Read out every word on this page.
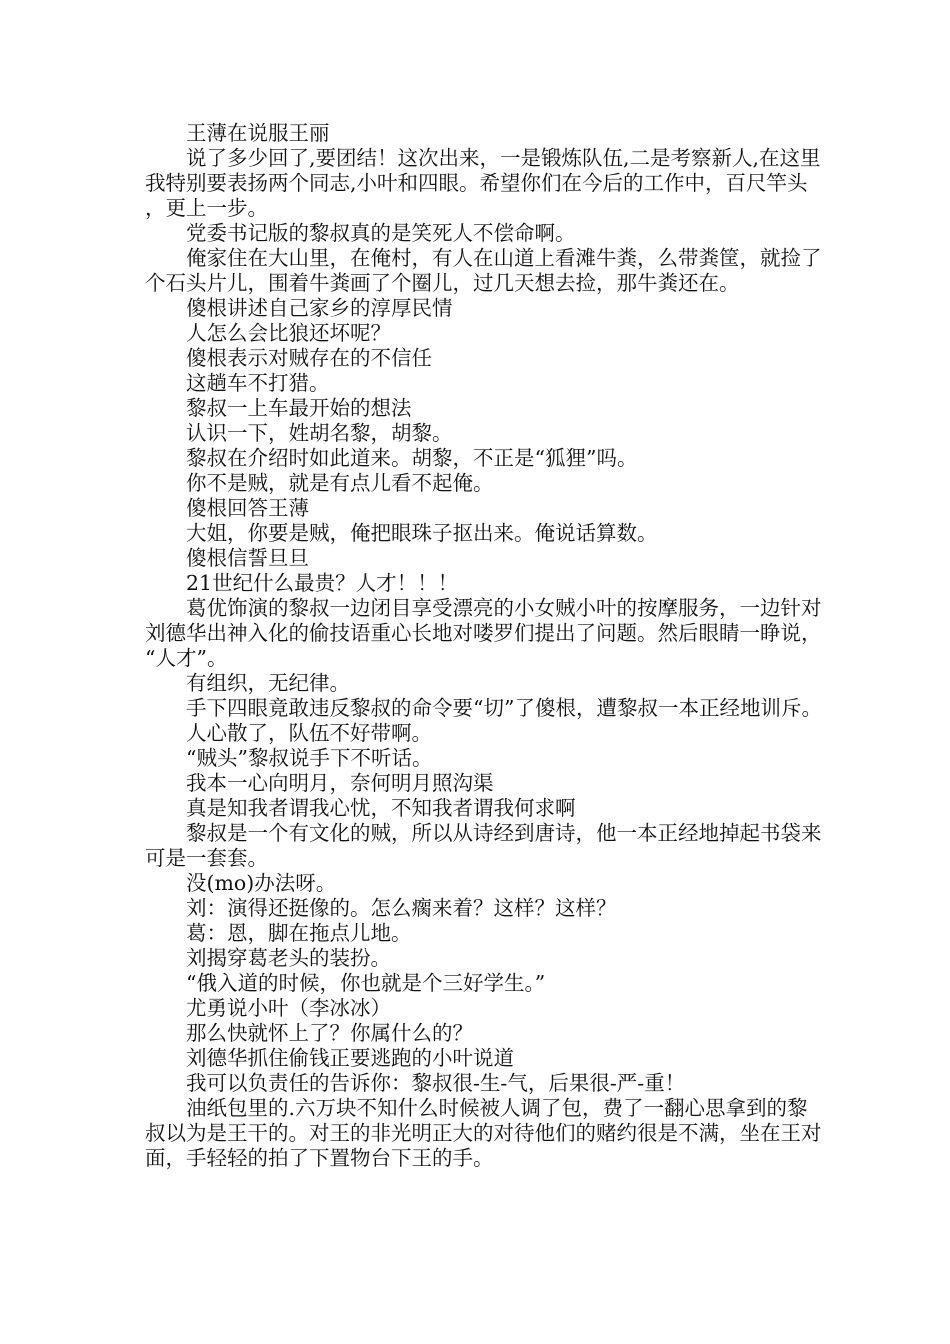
王薄在说服王丽

说了多少回了,要团结！这次出来，一是锻炼队伍,二是考察新人,在这里我特别要表扬两个同志,小叶和四眼。希望你们在今后的工作中，百尺竿头，更上一步。

党委书记版的黎叔真的是笑死人不偿命啊。

俺家住在大山里，在俺村，有人在山道上看滩牛粪，么带粪筐，就捡了个石头片儿，围着牛粪画了个圈儿，过几天想去捡，那牛粪还在。

傻根讲述自己家乡的淳厚民情

人怎么会比狼还坏呢？

傻根表示对贼存在的不信任

这趟车不打猎。

黎叔一上车最开始的想法

认识一下，姓胡名黎，胡黎。

黎叔在介绍时如此道来。胡黎，不正是“狐狸”吗。

你不是贼，就是有点儿看不起俺。

傻根回答王薄

大姐，你要是贼，俺把眼珠子抠出来。俺说话算数。

傻根信誓旦旦

21世纪什么最贵？人才！！！

葛优饰演的黎叔一边闭目享受漂亮的小女贼小叶的按摩服务，一边针对刘德华出神入化的偷技语重心长地对喽罗们提出了问题。然后眼睛一睁说，“人才”。

有组织，无纪律。

手下四眼竟敢违反黎叔的命令要“切”了傻根，遭黎叔一本正经地训斥。

人心散了，队伍不好带啊。

“贼头”黎叔说手下不听话。

我本一心向明月，奈何明月照沟渠

真是知我者谓我心忧，不知我者谓我何求啊

黎叔是一个有文化的贼，所以从诗经到唐诗，他一本正经地掉起书袋来可是一套套。

没(mo)办法呀。

刘：演得还挺像的。怎么瘸来着？这样？这样？

葛：恩，脚在拖点儿地。

刘揭穿葛老头的装扮。

“俄入道的时候，你也就是个三好学生。”

尤勇说小叶（李冰冰）

那么快就怀上了？你属什么的？

刘德华抓住偷钱正要逃跑的小叶说道

我可以负责任的告诉你：黎叔很-生-气，后果很-严-重！

油纸包里的.六万块不知什么时候被人调了包，费了一翻心思拿到的黎叔以为是王干的。对王的非光明正大的对待他们的赌约很是不满，坐在王对面，手轻轻的拍了下置物台下王的手。
